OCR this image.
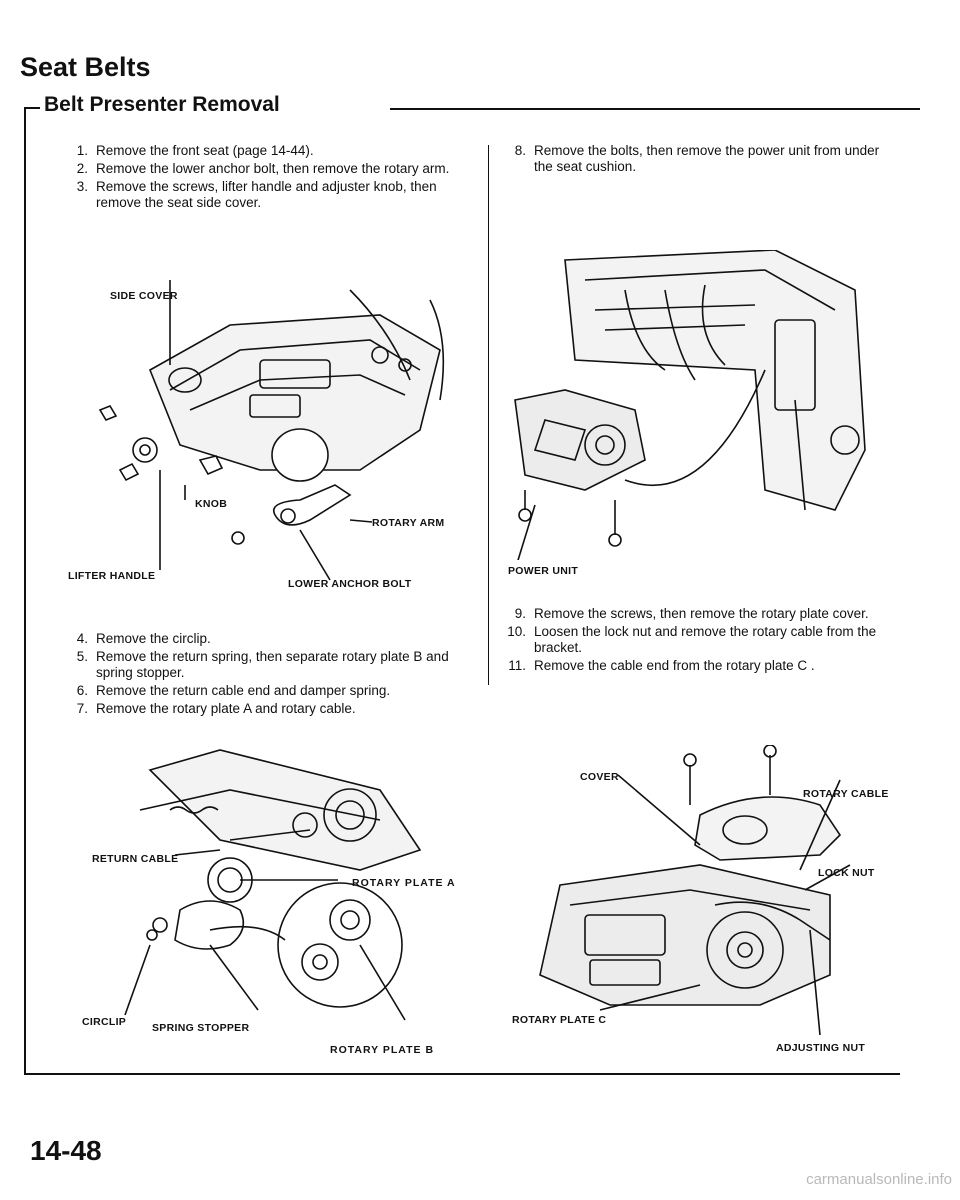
Seat Belts
Belt Presenter Removal
1. Remove the front seat (page 14-44).
2. Remove the lower anchor bolt, then remove the rotary arm.
3. Remove the screws, lifter handle and adjuster knob, then remove the seat side cover.
SIDE COVER
KNOB
ROTARY ARM
LIFTER HANDLE
LOWER ANCHOR BOLT
4. Remove the circlip.
5. Remove the return spring, then separate rotary plate B and spring stopper.
6. Remove the return cable end and damper spring.
7. Remove the rotary plate A and rotary cable.
RETURN CABLE
ROTARY PLATE A
CIRCLIP SPRING STOPPER
ROTARY PLATE B
8. Remove the bolts, then remove the power unit from under the seat cushion.
POWER UNIT
9. Remove the screws, then remove the rotary plate cover.
10. Loosen the lock nut and remove the rotary cable from the bracket.
11. Remove the cable end from the rotary plate C .
COVER
ROTARY CABLE
LOCK NUT
ROTARY PLATE C
ADJUSTING NUT
14-48
carmanualsonline.info
